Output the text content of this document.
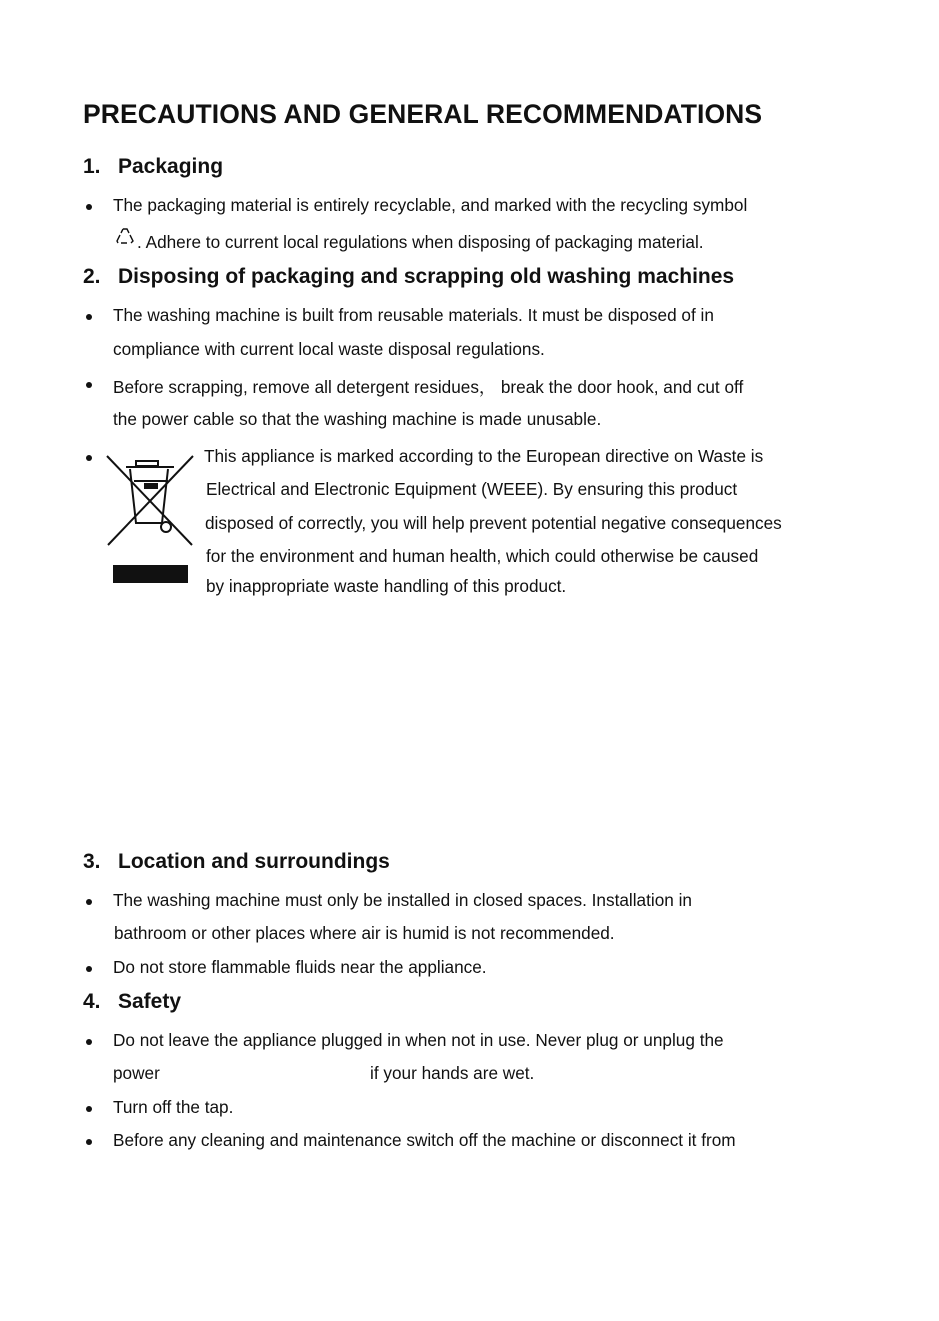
PRECAUTIONS AND GENERAL RECOMMENDATIONS
1. Packaging
The packaging material is entirely recyclable, and marked with the recycling symbol
. Adhere to current local regulations when disposing of packaging material.
2. Disposing of packaging and scrapping old washing machines
The washing machine is built from reusable materials. It must be disposed of in
compliance with current local waste disposal regulations.
Before scrapping, remove all detergent residues， break the door hook, and cut off
the power cable so that the washing machine is made unusable.
This appliance is marked according to the European directive on Waste is
Electrical and Electronic Equipment (WEEE). By ensuring this product
disposed of correctly, you will help prevent potential negative consequences
for the environment and human health, which could otherwise be caused
by inappropriate waste handling of this product.
3. Location and surroundings
The washing machine must only be installed in closed spaces. Installation in
bathroom or other places where air is humid is not recommended.
Do not store flammable fluids near the appliance.
4. Safety
Do not leave the appliance plugged in when not in use. Never plug or unplug the
power	if your hands are wet.
Turn off the tap.
Before any cleaning and maintenance switch off the machine or disconnect it from
